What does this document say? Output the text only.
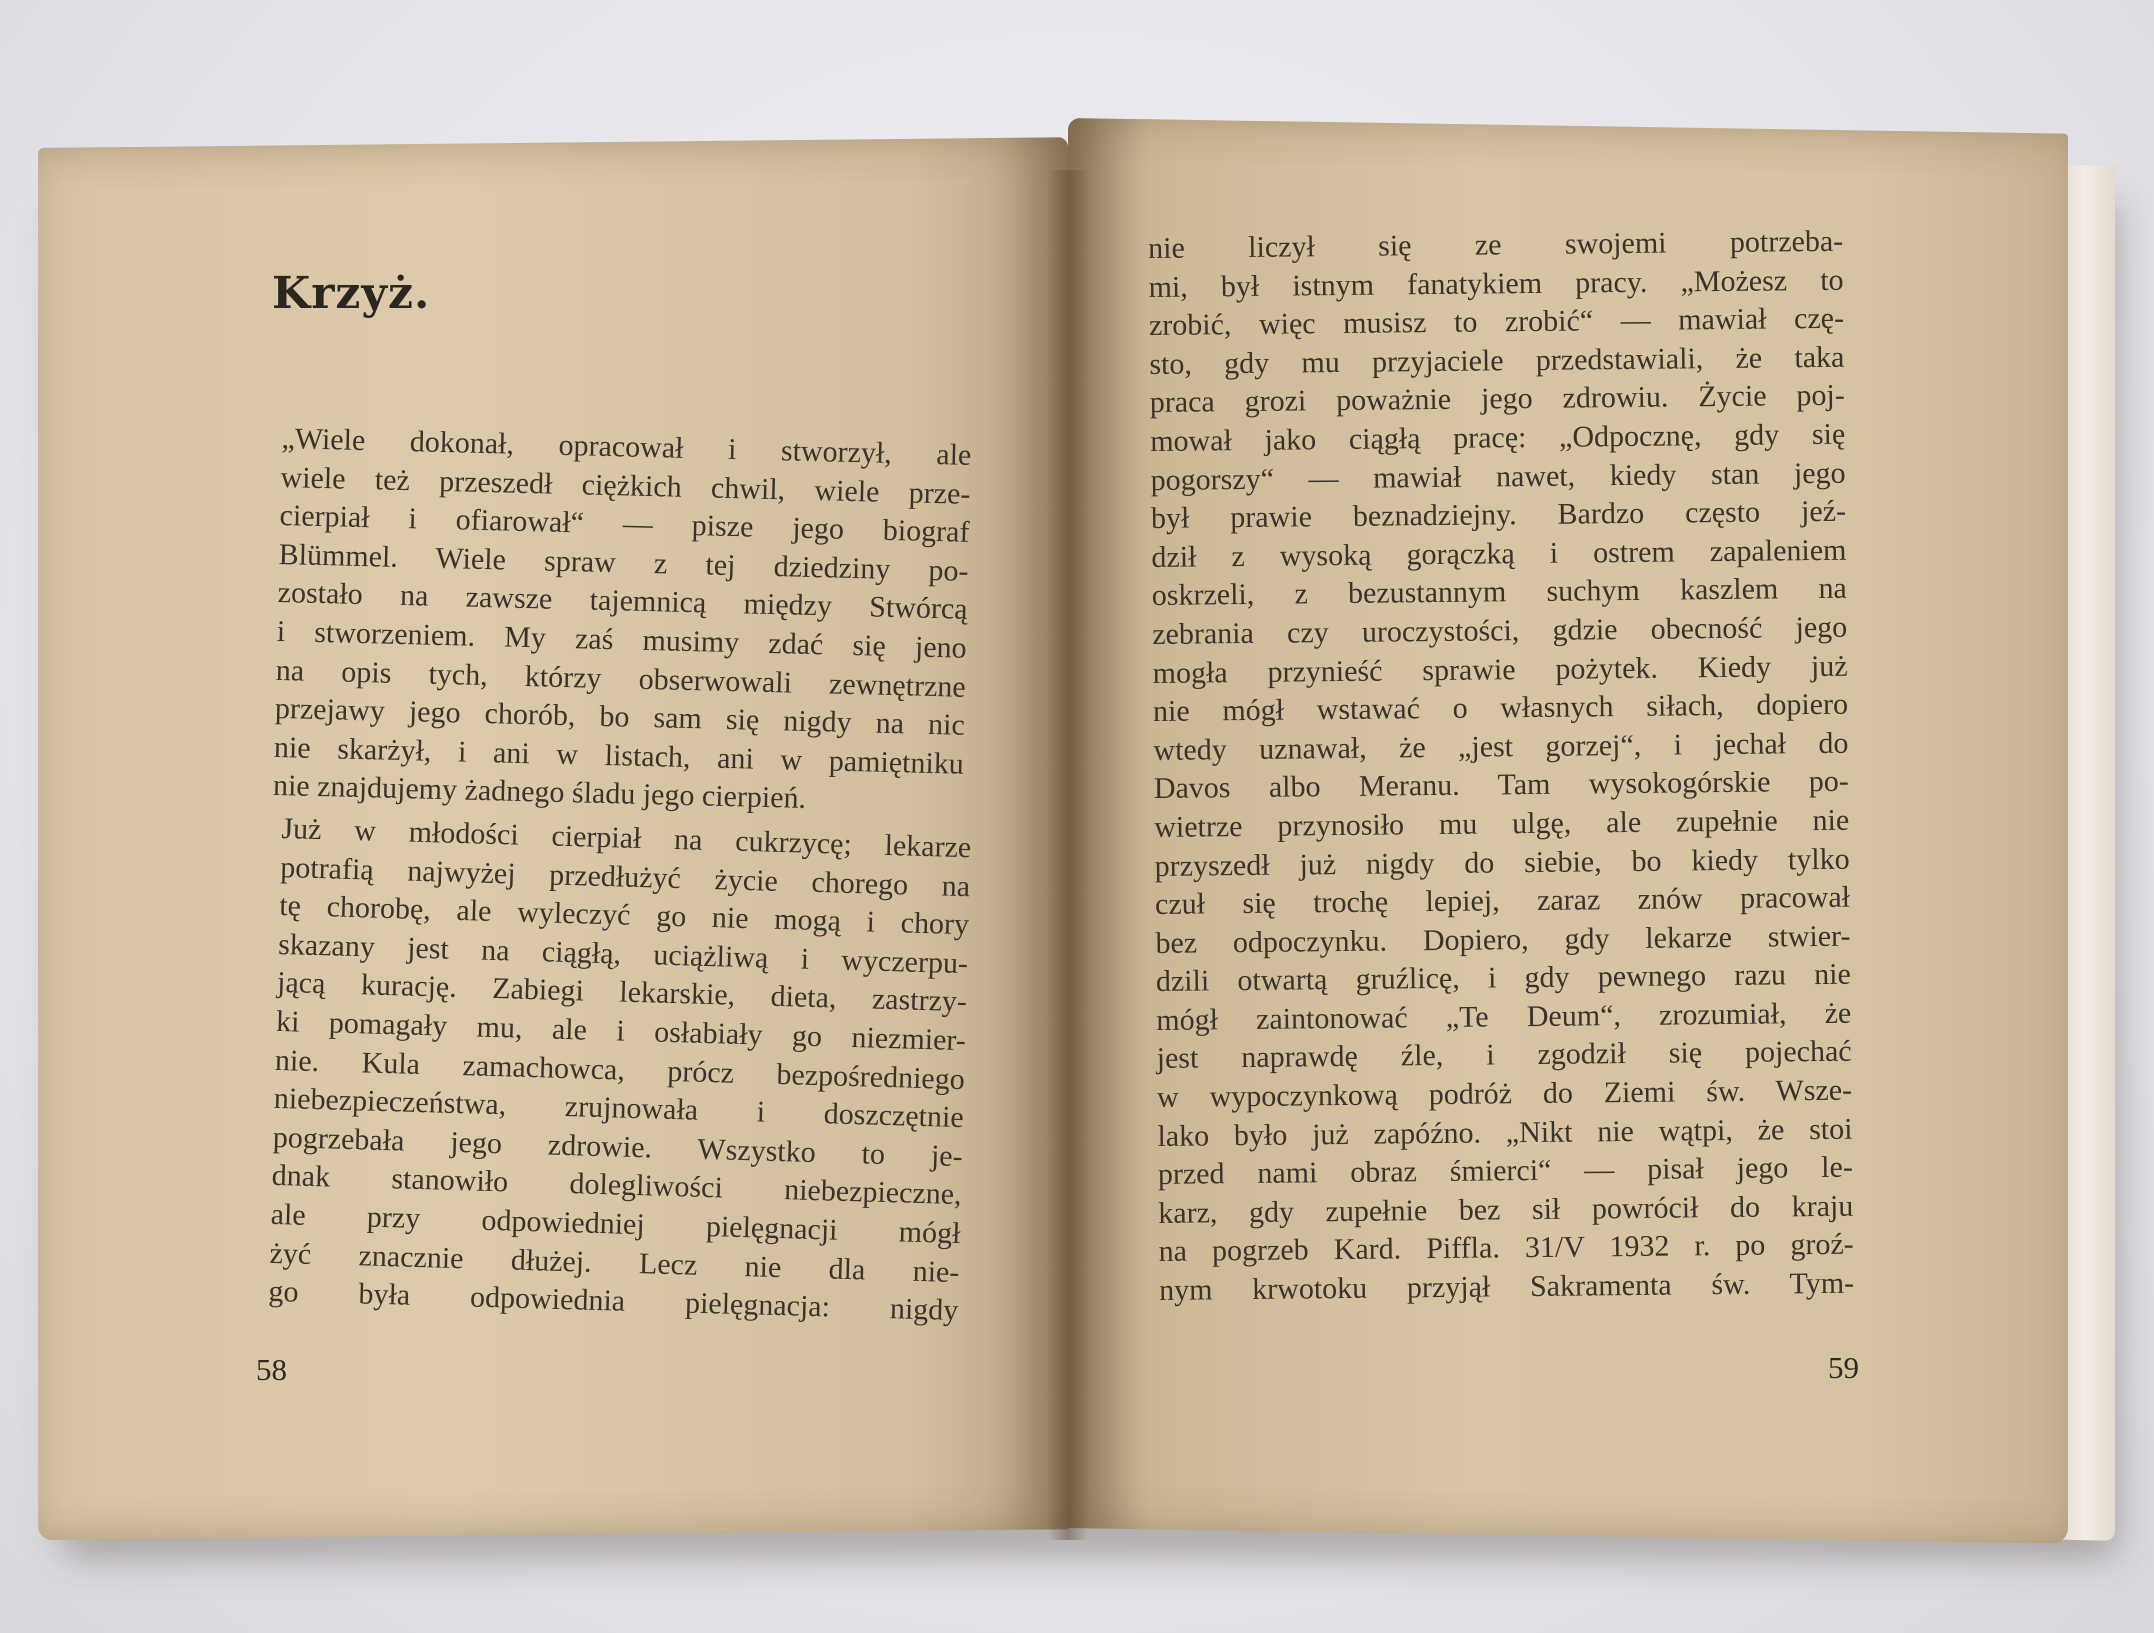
Krzyż.

„Wiele dokonał, opracował i stworzył, ale

wiele też przeszedł ciężkich chwil, wiele prze-

cierpiał i ofiarował“ — pisze jego biograf

Blümmel. Wiele spraw z tej dziedziny po-

zostało na zawsze tajemnicą między Stwórcą

i stworzeniem. My zaś musimy zdać się jeno

na opis tych, którzy obserwowali zewnętrzne

przejawy jego chorób, bo sam się nigdy na nic

nie skarżył, i ani w listach, ani w pamiętniku

nie znajdujemy żadnego śladu jego cierpień.

Już w młodości cierpiał na cukrzycę; lekarze

potrafią najwyżej przedłużyć życie chorego na

tę chorobę, ale wyleczyć go nie mogą i chory

skazany jest na ciągłą, uciążliwą i wyczerpu-

jącą kurację. Zabiegi lekarskie, dieta, zastrzy-

ki pomagały mu, ale i osłabiały go niezmier-

nie. Kula zamachowca, prócz bezpośredniego

niebezpieczeństwa, zrujnowała i doszczętnie

pogrzebała jego zdrowie. Wszystko to je-

dnak stanowiło dolegliwości niebezpieczne,

ale przy odpowiedniej pielęgnacji mógł

żyć znacznie dłużej. Lecz nie dla nie-

go była odpowiednia pielęgnacja: nigdy

58

nie liczył się ze swojemi potrzeba-

mi, był istnym fanatykiem pracy. „Możesz to

zrobić, więc musisz to zrobić“ — mawiał czę-

sto, gdy mu przyjaciele przedstawiali, że taka

praca grozi poważnie jego zdrowiu. Życie poj-

mował jako ciągłą pracę: „Odpocznę, gdy się

pogorszy“ — mawiał nawet, kiedy stan jego

był prawie beznadziejny. Bardzo często jeź-

dził z wysoką gorączką i ostrem zapaleniem

oskrzeli, z bezustannym suchym kaszlem na

zebrania czy uroczystości, gdzie obecność jego

mogła przynieść sprawie pożytek. Kiedy już

nie mógł wstawać o własnych siłach, dopiero

wtedy uznawał, że „jest gorzej“, i jechał do

Davos albo Meranu. Tam wysokogórskie po-

wietrze przynosiło mu ulgę, ale zupełnie nie

przyszedł już nigdy do siebie, bo kiedy tylko

czuł się trochę lepiej, zaraz znów pracował

bez odpoczynku. Dopiero, gdy lekarze stwier-

dzili otwartą gruźlicę, i gdy pewnego razu nie

mógł zaintonować „Te Deum“, zrozumiał, że

jest naprawdę źle, i zgodził się pojechać

w wypoczynkową podróż do Ziemi św. Wsze-

lako było już zapóźno. „Nikt nie wątpi, że stoi

przed nami obraz śmierci“ — pisał jego le-

karz, gdy zupełnie bez sił powrócił do kraju

na pogrzeb Kard. Piffla. 31/V 1932 r. po groź-

nym krwotoku przyjął Sakramenta św. Tym-

59
